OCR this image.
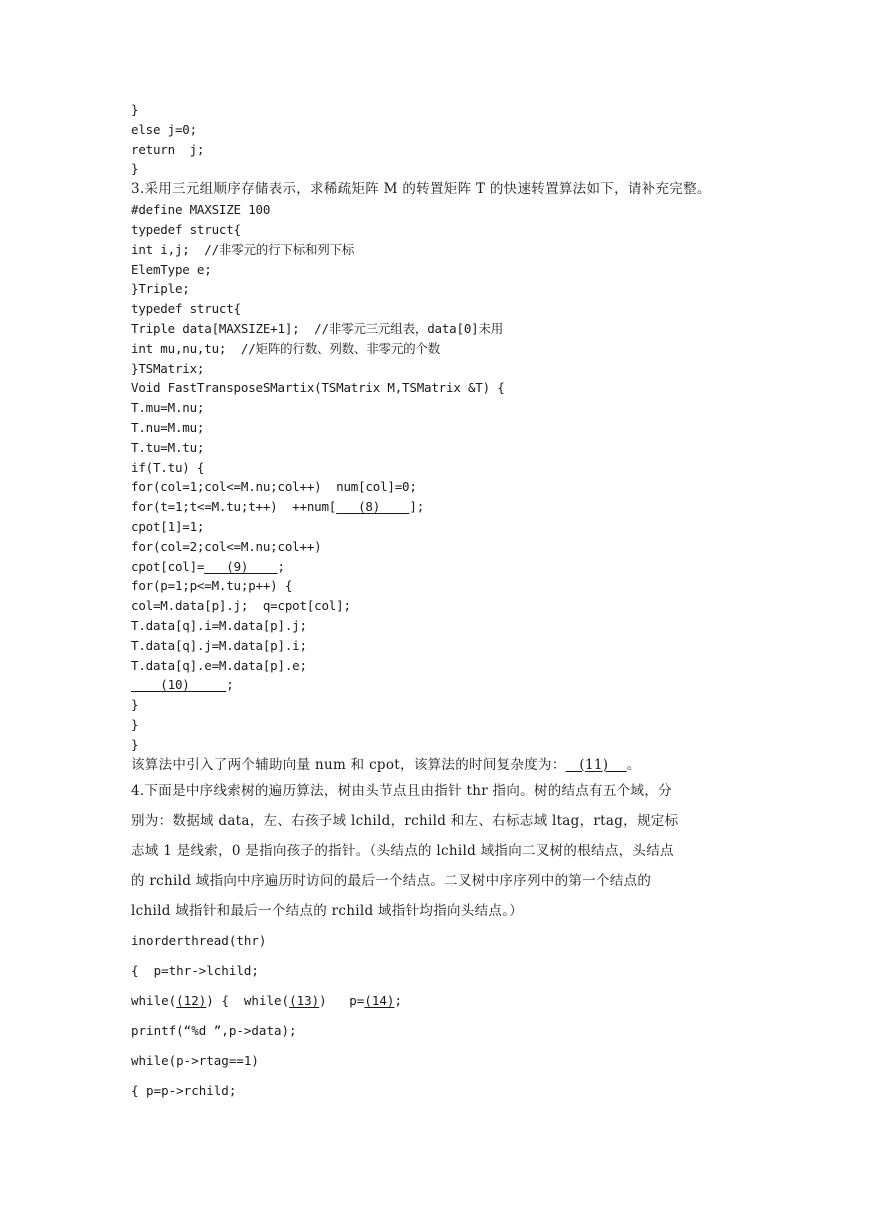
}
else j=0;
return  j;
}
3.采用三元组顺序存储表示，求稀疏矩阵 M 的转置矩阵 T 的快速转置算法如下，请补充完整。
#define MAXSIZE 100
typedef struct{
int i,j;  //非零元的行下标和列下标
ElemType e;
}Triple;
typedef struct{
Triple data[MAXSIZE+1];  //非零元三元组表，data[0]未用
int mu,nu,tu;  //矩阵的行数、列数、非零元的个数
}TSMatrix;
Void FastTransposeSMartix(TSMatrix M,TSMatrix &T) {
T.mu=M.nu;
T.nu=M.mu;
T.tu=M.tu;
if(T.tu) {
for(col=1;col<=M.nu;col++)  num[col]=0;
for(t=1;t<=M.tu;t++)  ++num[   (8)    ];
cpot[1]=1;
for(col=2;col<=M.nu;col++)
cpot[col]=   (9)    ;
for(p=1;p<=M.tu;p++) {
col=M.data[p].j;  q=cpot[col];
T.data[q].i=M.data[p].j;
T.data[q].j=M.data[p].i;
T.data[q].e=M.data[p].e;
(10)     ;
}
}
}
该算法中引入了两个辅助向量 num 和 cpot，该算法的时间复杂度为：   (11)    。
4.下面是中序线索树的遍历算法，树由头节点且由指针 thr 指向。树的结点有五个域，分
别为：数据域 data，左、右孩子域 lchild，rchild 和左、右标志域 ltag，rtag，规定标
志域 1 是线索，0 是指向孩子的指针。（头结点的 lchild 域指向二叉树的根结点，头结点
的 rchild 域指向中序遍历时访问的最后一个结点。二叉树中序序列中的第一个结点的
lchild 域指针和最后一个结点的 rchild 域指针均指向头结点。）
inorderthread(thr)
{  p=thr->lchild;
while((12)) {  while((13))   p=(14);
printf(“%d ”,p->data);
while(p->rtag==1)
{ p=p->rchild;
